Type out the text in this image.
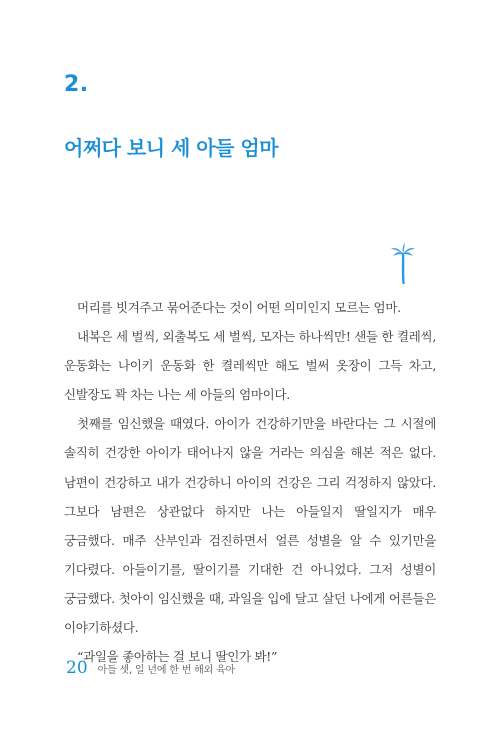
2.
어쩌다 보니 세 아들 엄마

머리를 빗겨주고 묶어준다는 것이 어떤 의미인지 모르는 엄마.

내복은 세 벌씩, 외출복도 세 벌씩, 모자는 하나씩만! 샌들 한 켤레씩, 운동화는 나이키 운동화 한 켤레씩만 해도 벌써 옷장이 그득 차고, 신발장도 꽉 차는 나는 세 아들의 엄마이다.

첫째를 임신했을 때였다. 아이가 건강하기만을 바란다는 그 시절에 솔직히 건강한 아이가 태어나지 않을 거라는 의심을 해본 적은 없다. 남편이 건강하고 내가 건강하니 아이의 건강은 그리 걱정하지 않았다. 그보다 남편은 상관없다 하지만 나는 아들일지 딸일지가 매우 궁금했다. 매주 산부인과 검진하면서 얼른 성별을 알 수 있기만을 기다렸다. 아들이기를, 딸이기를 기대한 건 아니었다. 그저 성별이 궁금했다. 첫아이 임신했을 때, 과일을 입에 달고 살던 나에게 어른들은 이야기하셨다.

“과일을 좋아하는 걸 보니 딸인가 봐!”

20 아들 셋, 일 년에 한 번 해외 육아
